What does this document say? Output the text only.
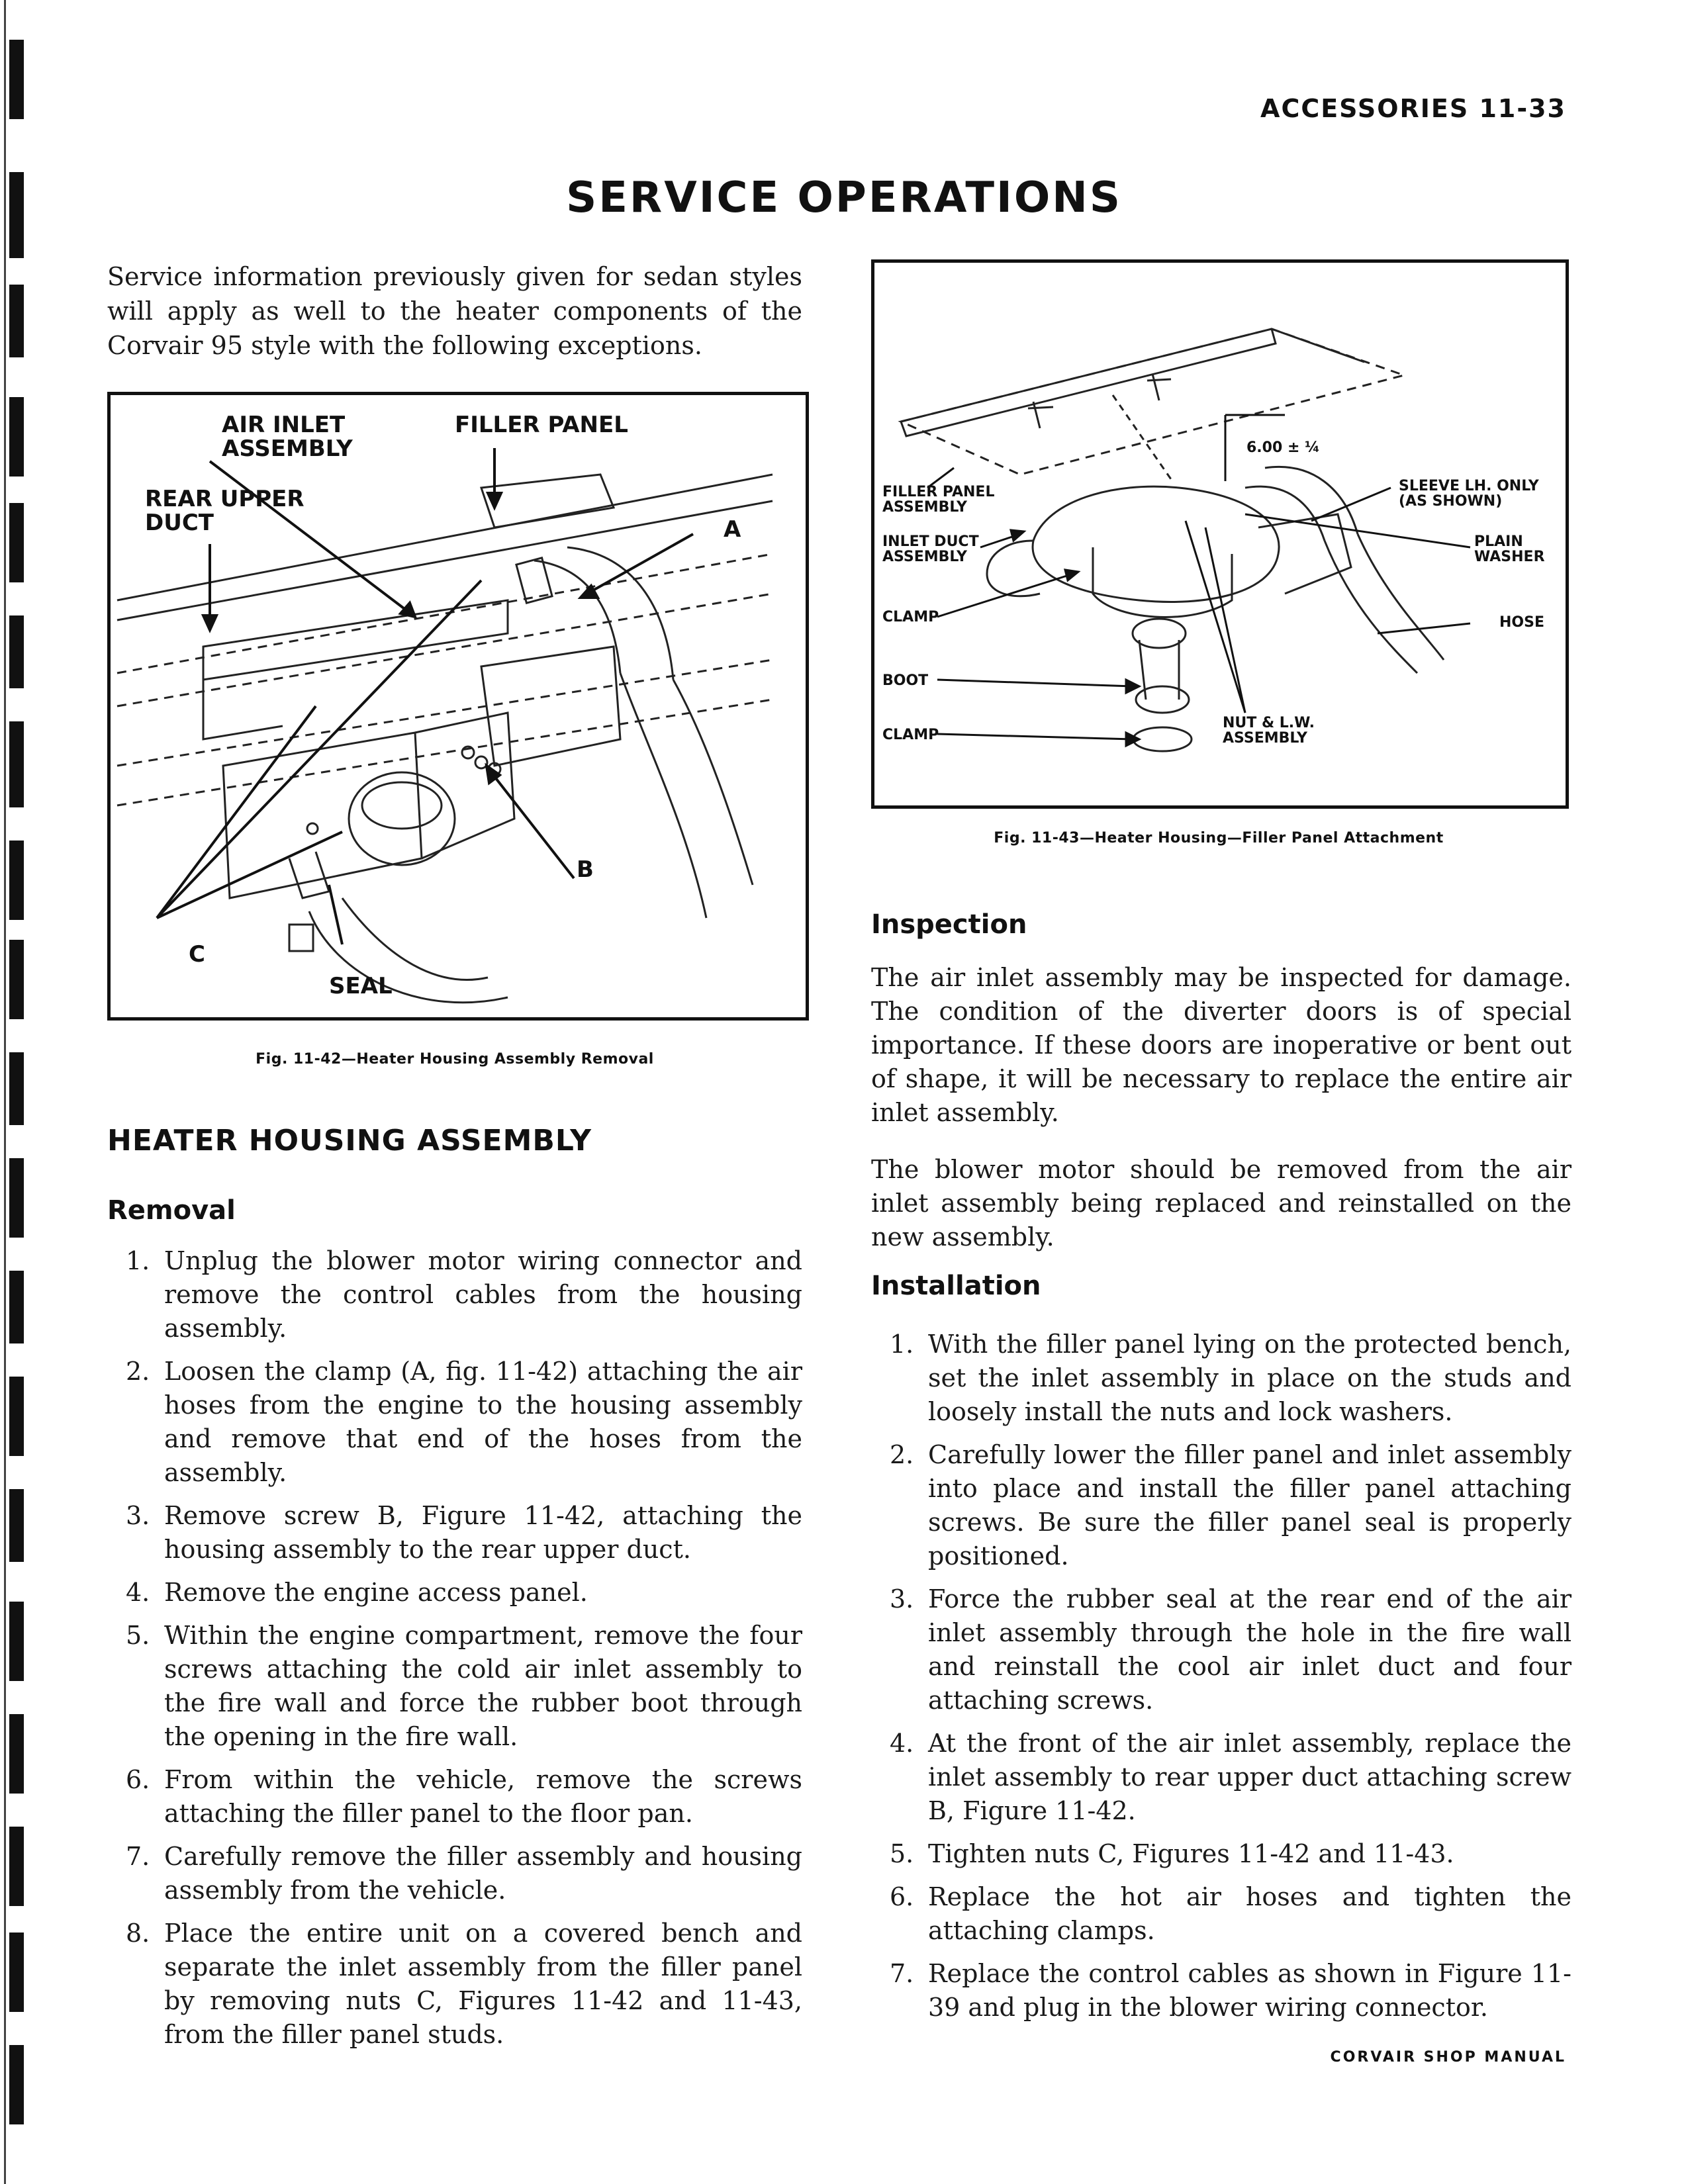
ACCESSORIES 11-33
SERVICE OPERATIONS

Service information previously given for sedan styles will apply as well to the heater components of the Corvair 95 style with the following exceptions.

AIR INLET
ASSEMBLY
FILLER PANEL
REAR UPPER
DUCT	A
B
C
SEAL
Fig. 11-42—Heater Housing Assembly Removal
6.00 ± ¼
FILLER PANEL
ASSEMBLY
INLET DUCT
ASSEMBLY
CLAMP
BOOT
CLAMP
SLEEVE LH. ONLY
(AS SHOWN)
PLAIN
WASHER
HOSE
NUT & L.W.
ASSEMBLY
Fig. 11-43—Heater Housing—Filler Panel Attachment
HEATER HOUSING ASSEMBLY
Removal
1. Unplug the blower motor wiring connector and remove the control cables from the housing assembly.
2. Loosen the clamp (A, fig. 11-42) attaching the air hoses from the engine to the housing assembly and remove that end of the hoses from the assembly.
3. Remove screw B, Figure 11-42, attaching the housing assembly to the rear upper duct.
4. Remove the engine access panel.
5. Within the engine compartment, remove the four screws attaching the cold air inlet assembly to the fire wall and force the rubber boot through the opening in the fire wall.
6. From within the vehicle, remove the screws attaching the filler panel to the floor pan.
7. Carefully remove the filler assembly and housing assembly from the vehicle.
8. Place the entire unit on a covered bench and separate the inlet assembly from the filler panel by removing nuts C, Figures 11-42 and 11-43, from the filler panel studs.
Inspection

The air inlet assembly may be inspected for damage. The condition of the diverter doors is of special importance. If these doors are inoperative or bent out of shape, it will be necessary to replace the entire air inlet assembly.

The blower motor should be removed from the air inlet assembly being replaced and reinstalled on the new assembly.

Installation
1. With the filler panel lying on the protected bench, set the inlet assembly in place on the studs and loosely install the nuts and lock washers.
2. Carefully lower the filler panel and inlet assembly into place and install the filler panel attaching screws. Be sure the filler panel seal is properly positioned.
3. Force the rubber seal at the rear end of the air inlet assembly through the hole in the fire wall and reinstall the cool air inlet duct and four attaching screws.
4. At the front of the air inlet assembly, replace the inlet assembly to rear upper duct attaching screw B, Figure 11-42.
5. Tighten nuts C, Figures 11-42 and 11-43.
6. Replace the hot air hoses and tighten the attaching clamps.
7. Replace the control cables as shown in Figure 11-39 and plug in the blower wiring connector.
CORVAIR SHOP MANUAL
